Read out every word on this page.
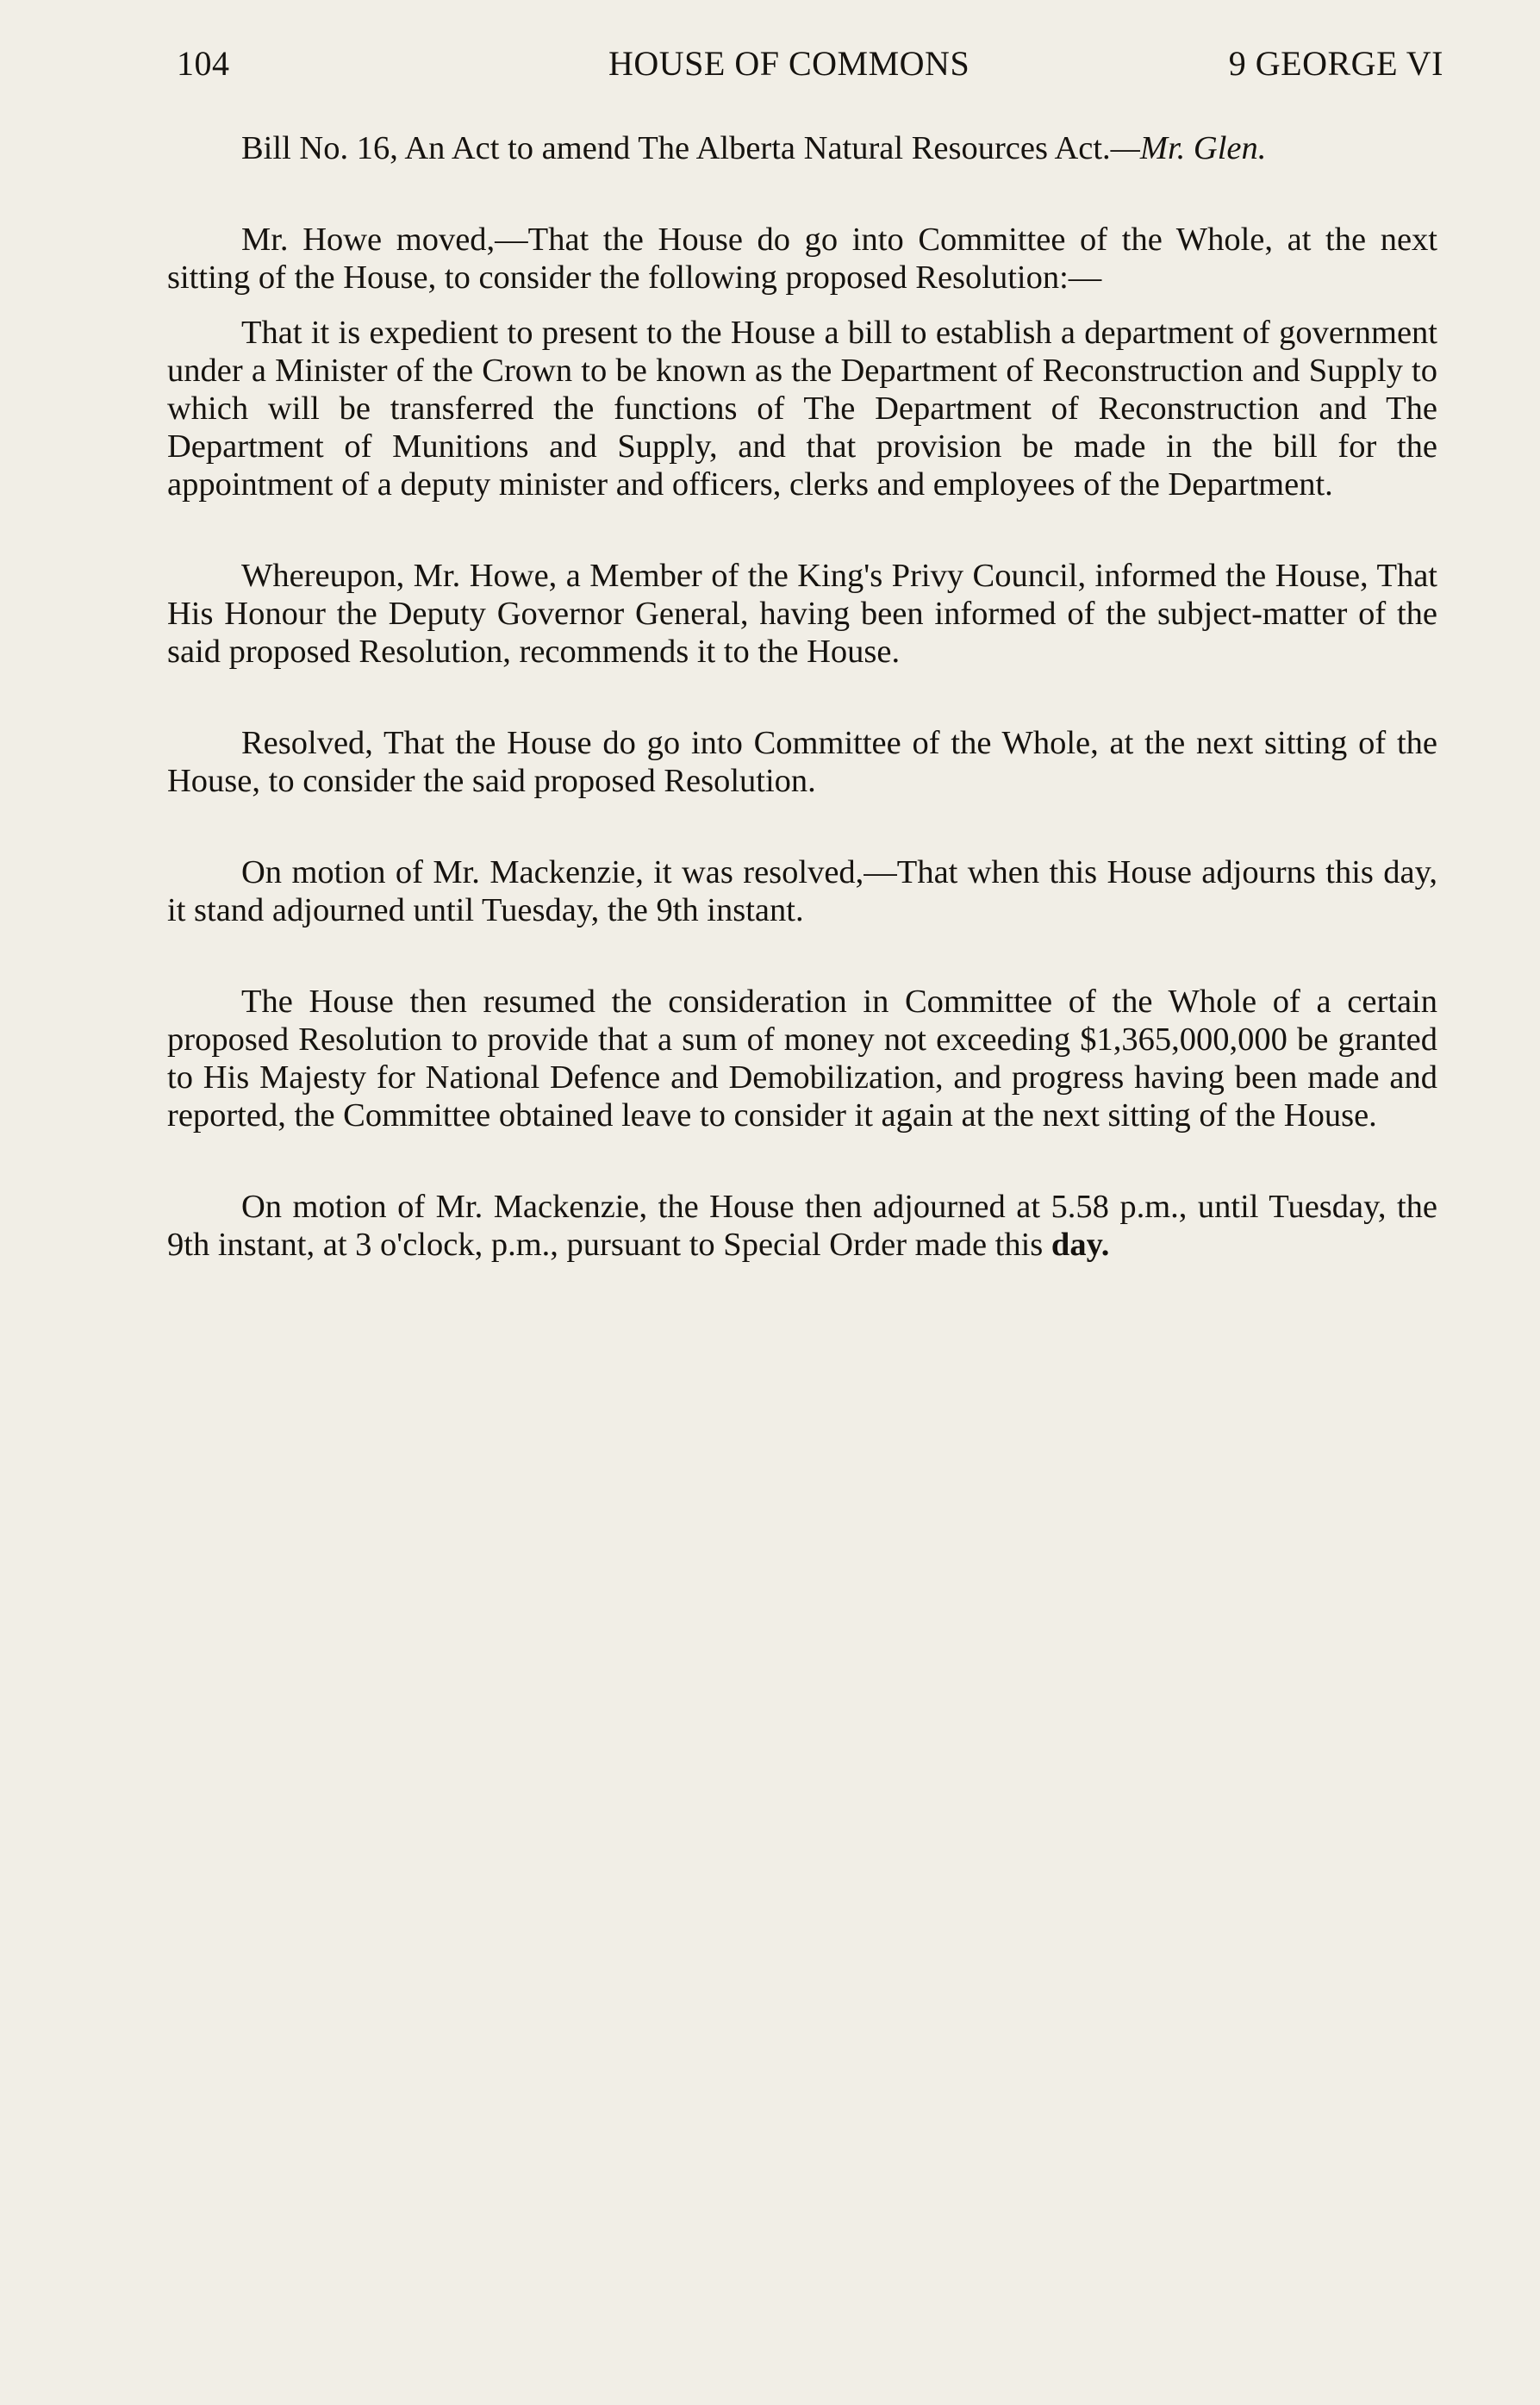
104	HOUSE OF COMMONS	9 GEORGE VI

Bill No. 16, An Act to amend The Alberta Natural Resources Act.—Mr. Glen.

Mr. Howe moved,—That the House do go into Committee of the Whole, at the next sitting of the House, to consider the following proposed Resolution:—

That it is expedient to present to the House a bill to establish a department of government under a Minister of the Crown to be known as the Department of Reconstruction and Supply to which will be transferred the functions of The Department of Reconstruction and The Department of Munitions and Supply, and that provision be made in the bill for the appointment of a deputy minister and officers, clerks and employees of the Department.

Whereupon, Mr. Howe, a Member of the King's Privy Council, informed the House, That His Honour the Deputy Governor General, having been informed of the subject-matter of the said proposed Resolution, recommends it to the House.

Resolved, That the House do go into Committee of the Whole, at the next sitting of the House, to consider the said proposed Resolution.

On motion of Mr. Mackenzie, it was resolved,—That when this House adjourns this day, it stand adjourned until Tuesday, the 9th instant.

The House then resumed the consideration in Committee of the Whole of a certain proposed Resolution to provide that a sum of money not exceeding $1,365,000,000 be granted to His Majesty for National Defence and Demobilization, and progress having been made and reported, the Committee obtained leave to consider it again at the next sitting of the House.

On motion of Mr. Mackenzie, the House then adjourned at 5.58 p.m., until Tuesday, the 9th instant, at 3 o'clock, p.m., pursuant to Special Order made this day.
